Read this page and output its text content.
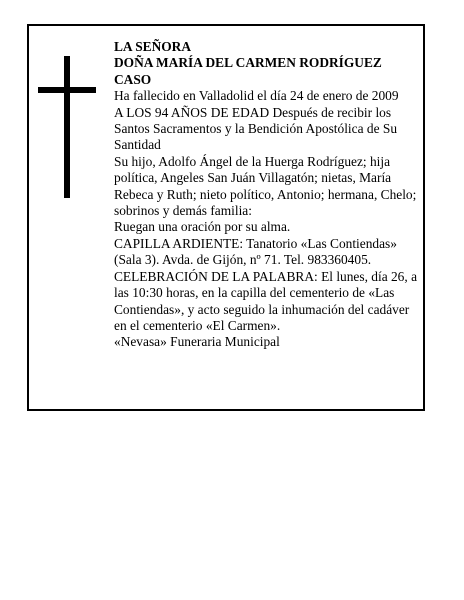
LA SEÑORA
DOÑA MARÍA DEL CARMEN RODRÍGUEZ
CASO
Ha fallecido en Valladolid el día 24 de enero de 2009
A LOS 94 AÑOS DE EDAD Después de recibir los Santos Sacramentos y la Bendición Apostólica de Su Santidad
Su hijo, Adolfo Ángel de la Huerga Rodríguez; hija política, Angeles San Juán Villagatón; nietas, María Rebeca y Ruth; nieto político, Antonio; hermana, Chelo; sobrinos y demás familia:
Ruegan una oración por su alma.
CAPILLA ARDIENTE: Tanatorio «Las Contiendas» (Sala 3). Avda. de Gijón, nº 71. Tel. 983360405.
CELEBRACIÓN DE LA PALABRA: El lunes, día 26, a las 10:30 horas, en la capilla del cementerio de «Las Contiendas», y acto seguido la inhumación del cadáver en el cementerio «El Carmen».
«Nevasa» Funeraria Municipal
